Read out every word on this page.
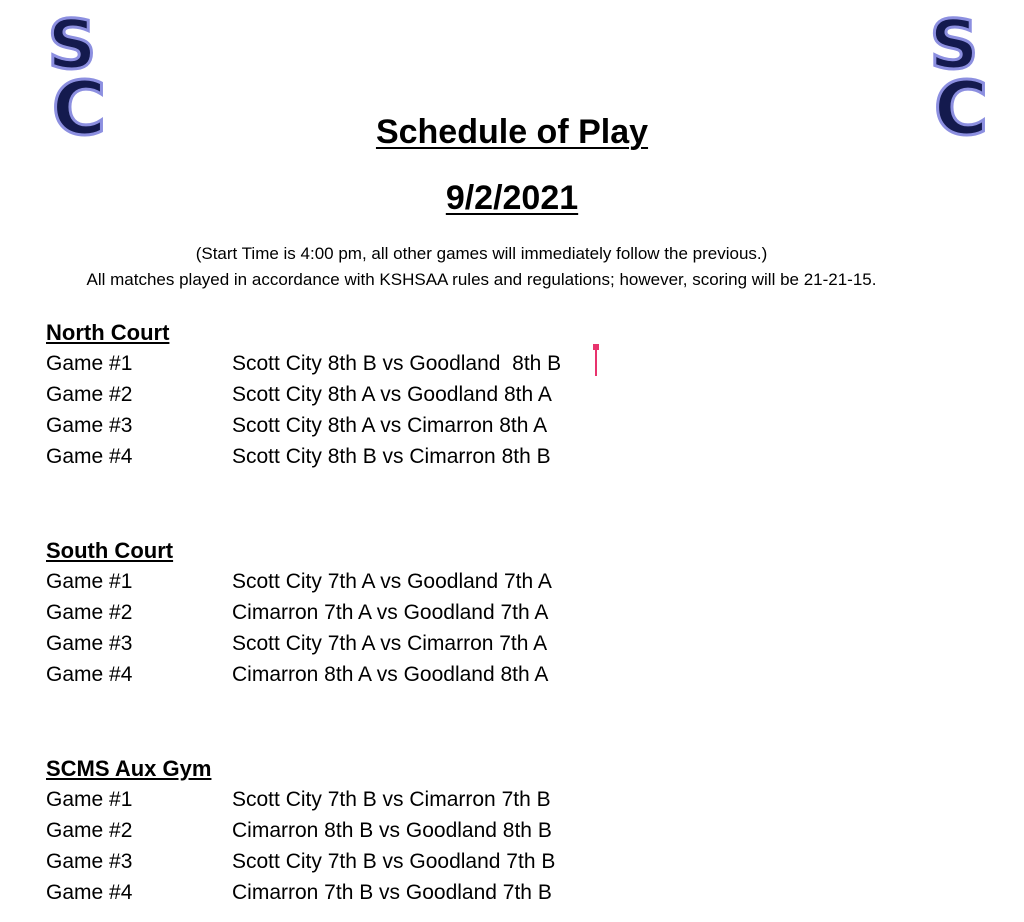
S
C
S
C
Schedule of Play
9/2/2021
(Start Time is 4:00 pm, all other games will immediately follow the previous.)
All matches played in accordance with KSHSAA rules and regulations; however, scoring will be 21-21-15.
North Court
Game #1	Scott City 8th B vs Goodland  8th B
Game #2	Scott City 8th A vs Goodland 8th A
Game #3	Scott City 8th A vs Cimarron 8th A
Game #4	Scott City 8th B vs Cimarron 8th B
South Court
Game #1	Scott City 7th A vs Goodland 7th A
Game #2	Cimarron 7th A vs Goodland 7th A
Game #3	Scott City 7th A vs Cimarron 7th A
Game #4	Cimarron 8th A vs Goodland 8th A
SCMS Aux Gym
Game #1	Scott City 7th B vs Cimarron 7th B
Game #2	Cimarron 8th B vs Goodland 8th B
Game #3	Scott City 7th B vs Goodland 7th B
Game #4	Cimarron 7th B vs Goodland 7th B
